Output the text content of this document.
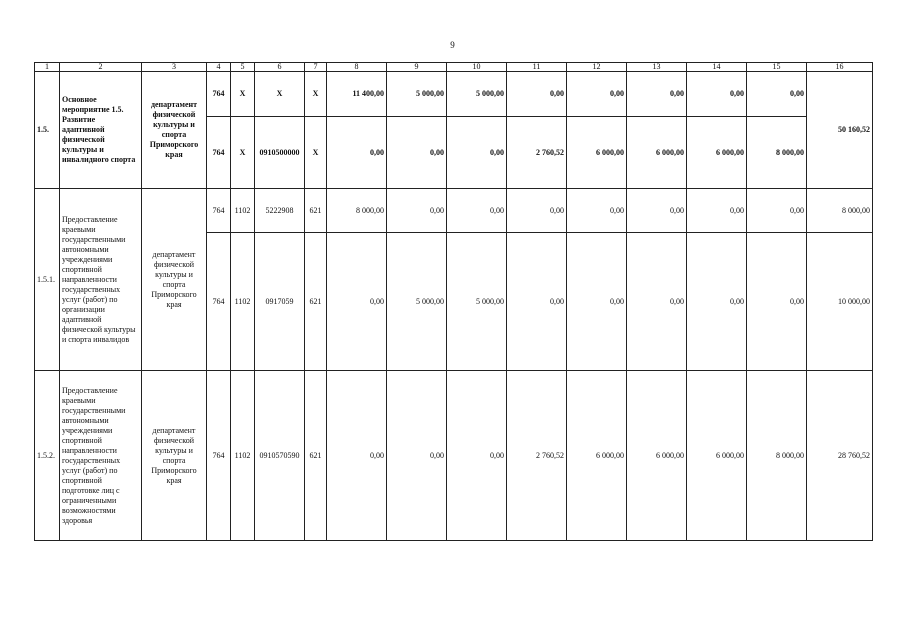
9
1	2	3	4	5	6	7	8	9	10	11	12	13	14	15	16
1.5.	Основное мероприятие 1.5. Развитие адаптивной физической культуры и инвалидного спорта	департамент физической культуры и спорта Приморского края	764	Х	Х	Х	11 400,00	5 000,00	5 000,00	0,00	0,00	0,00	0,00	0,00	50 160,52
			764	Х	0910500000	Х	0,00	0,00	0,00	2 760,52	6 000,00	6 000,00	6 000,00	8 000,00	
1.5.1.	Предоставление краевыми государственными автономными учреждениями спортивной направленности государственных услуг (работ) по организации адаптивной физической культуры и спорта инвалидов	департамент физической культуры и спорта Приморского края	764	1102	5222908	621	8 000,00	0,00	0,00	0,00	0,00	0,00	0,00	0,00	8 000,00
			764	1102	0917059	621	0,00	5 000,00	5 000,00	0,00	0,00	0,00	0,00	0,00	10 000,00
1.5.2.	Предоставление краевыми государственными автономными учреждениями спортивной направленности государственных услуг (работ) по спортивной подготовке лиц с ограниченными возможностями здоровья	департамент физической культуры и спорта Приморского края	764	1102	0910570590	621	0,00	0,00	0,00	2 760,52	6 000,00	6 000,00	6 000,00	8 000,00	28 760,52
